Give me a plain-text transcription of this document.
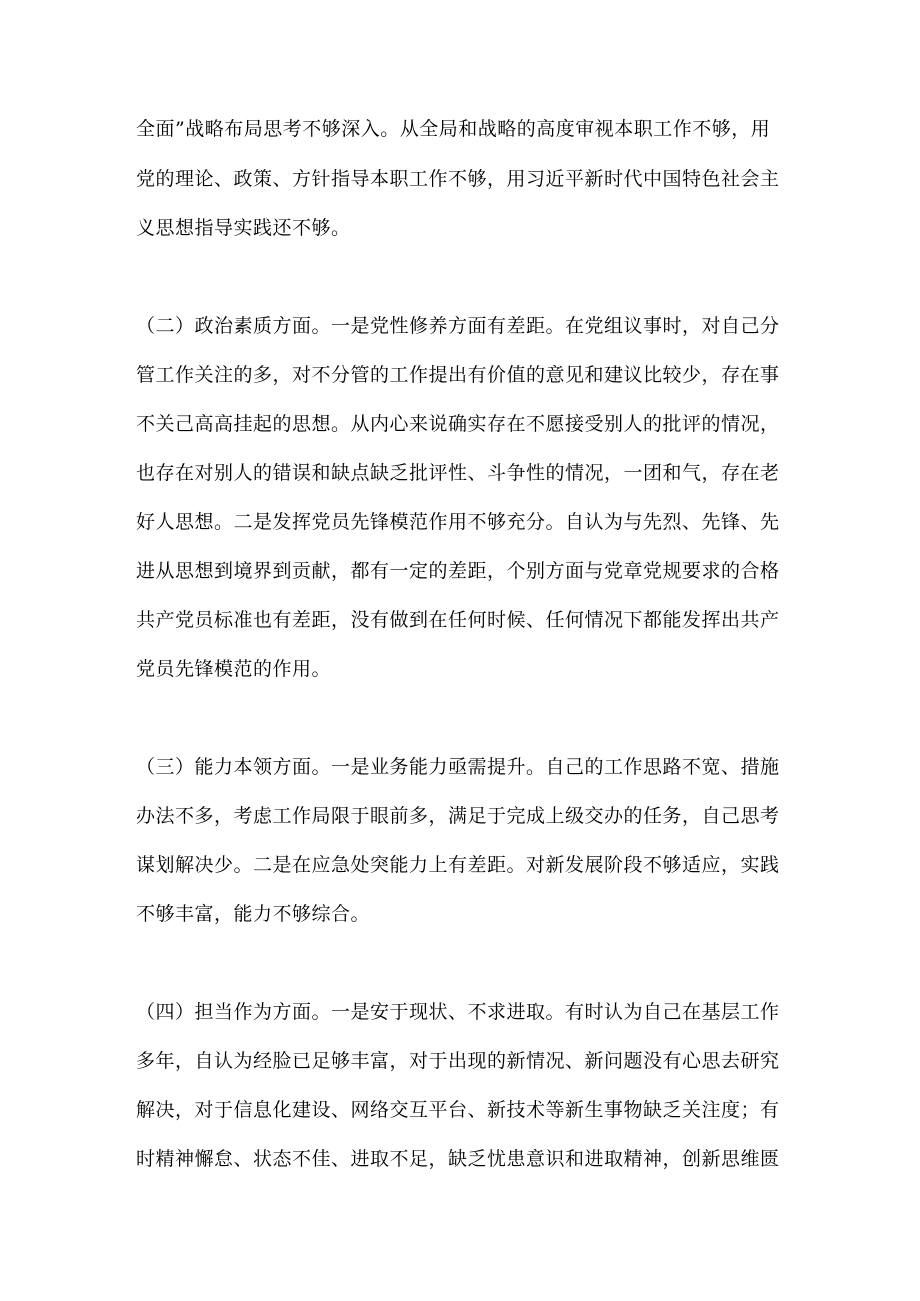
全面”战略布局思考不够深入。从全局和战略的高度审视本职工作不够，用
党的理论、政策、方针指导本职工作不够，用习近平新时代中国特色社会主
义思想指导实践还不够。
（二）政治素质方面。一是党性修养方面有差距。在党组议事时，对自己分
管工作关注的多，对不分管的工作提出有价值的意见和建议比较少，存在事
不关己高高挂起的思想。从内心来说确实存在不愿接受别人的批评的情况，
也存在对别人的错误和缺点缺乏批评性、斗争性的情况，一团和气，存在老
好人思想。二是发挥党员先锋模范作用不够充分。自认为与先烈、先锋、先
进从思想到境界到贡献，都有一定的差距，个别方面与党章党规要求的合格
共产党员标准也有差距，没有做到在任何时候、任何情况下都能发挥出共产
党员先锋模范的作用。
（三）能力本领方面。一是业务能力亟需提升。自己的工作思路不宽、措施
办法不多，考虑工作局限于眼前多，满足于完成上级交办的任务，自己思考
谋划解决少。二是在应急处突能力上有差距。对新发展阶段不够适应，实践
不够丰富，能力不够综合。
（四）担当作为方面。一是安于现状、不求进取。有时认为自己在基层工作
多年，自认为经脸已足够丰富，对于出现的新情况、新问题没有心思去研究
解决，对于信息化建设、网络交互平台、新技术等新生事物缺乏关注度；有
时精神懈怠、状态不佳、进取不足，缺乏忧患意识和进取精神，创新思维匮
